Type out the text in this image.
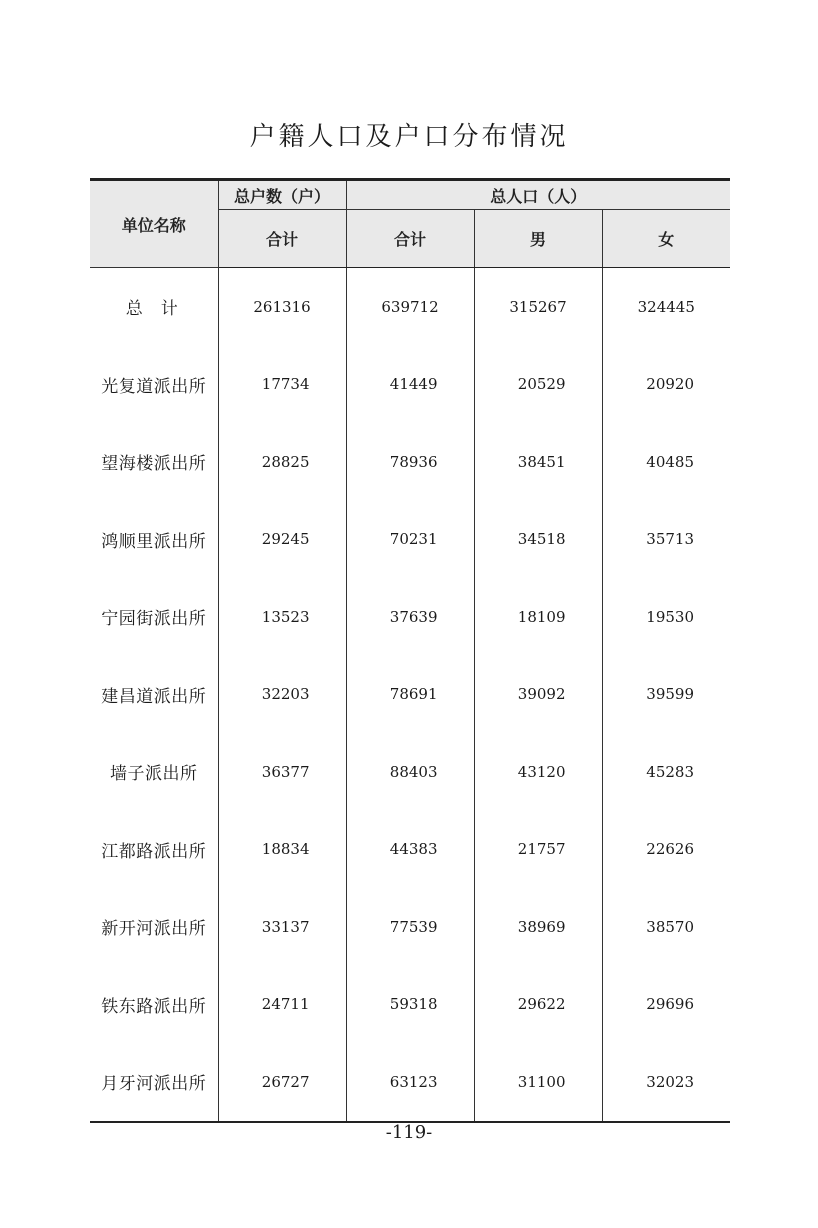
户籍人口及户口分布情况
单位名称	总户数（户）	总人口（人）		
	合计	合计	男	女
总计	261316	639712	315267	324445
光复道派出所	17734	41449	20529	20920
望海楼派出所	28825	78936	38451	40485
鸿顺里派出所	29245	70231	34518	35713
宁园街派出所	13523	37639	18109	19530
建昌道派出所	32203	78691	39092	39599
墙子派出所	36377	88403	43120	45283
江都路派出所	18834	44383	21757	22626
新开河派出所	33137	77539	38969	38570
铁东路派出所	24711	59318	29622	29696
月牙河派出所	26727	63123	31100	32023
-119-
